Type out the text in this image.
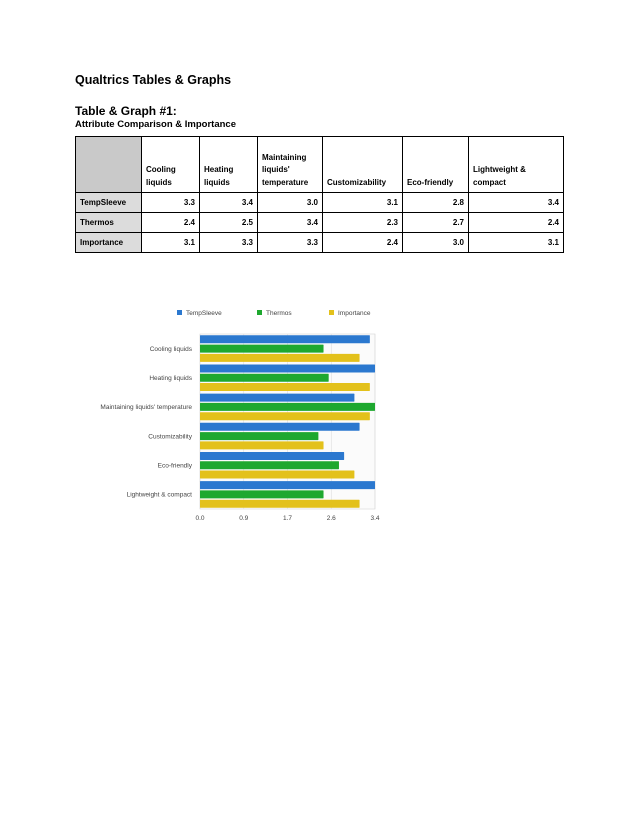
Qualtrics Tables & Graphs
Table & Graph #1:
Attribute Comparison & Importance
	Cooling liquids	Heating liquids	Maintaining liquids' temperature	Customizability	Eco-friendly	Lightweight & compact
TempSleeve	3.3	3.4	3.0	3.1	2.8	3.4
Thermos	2.4	2.5	3.4	2.3	2.7	2.4
Importance	3.1	3.3	3.3	2.4	3.0	3.1
TempSleeve	Thermos	Importance
0.0	0.9	1.7	2.6	3.4
Cooling liquids
Heating liquids
Maintaining liquids' temperature
Customizability
Eco-friendly
Lightweight & compact
